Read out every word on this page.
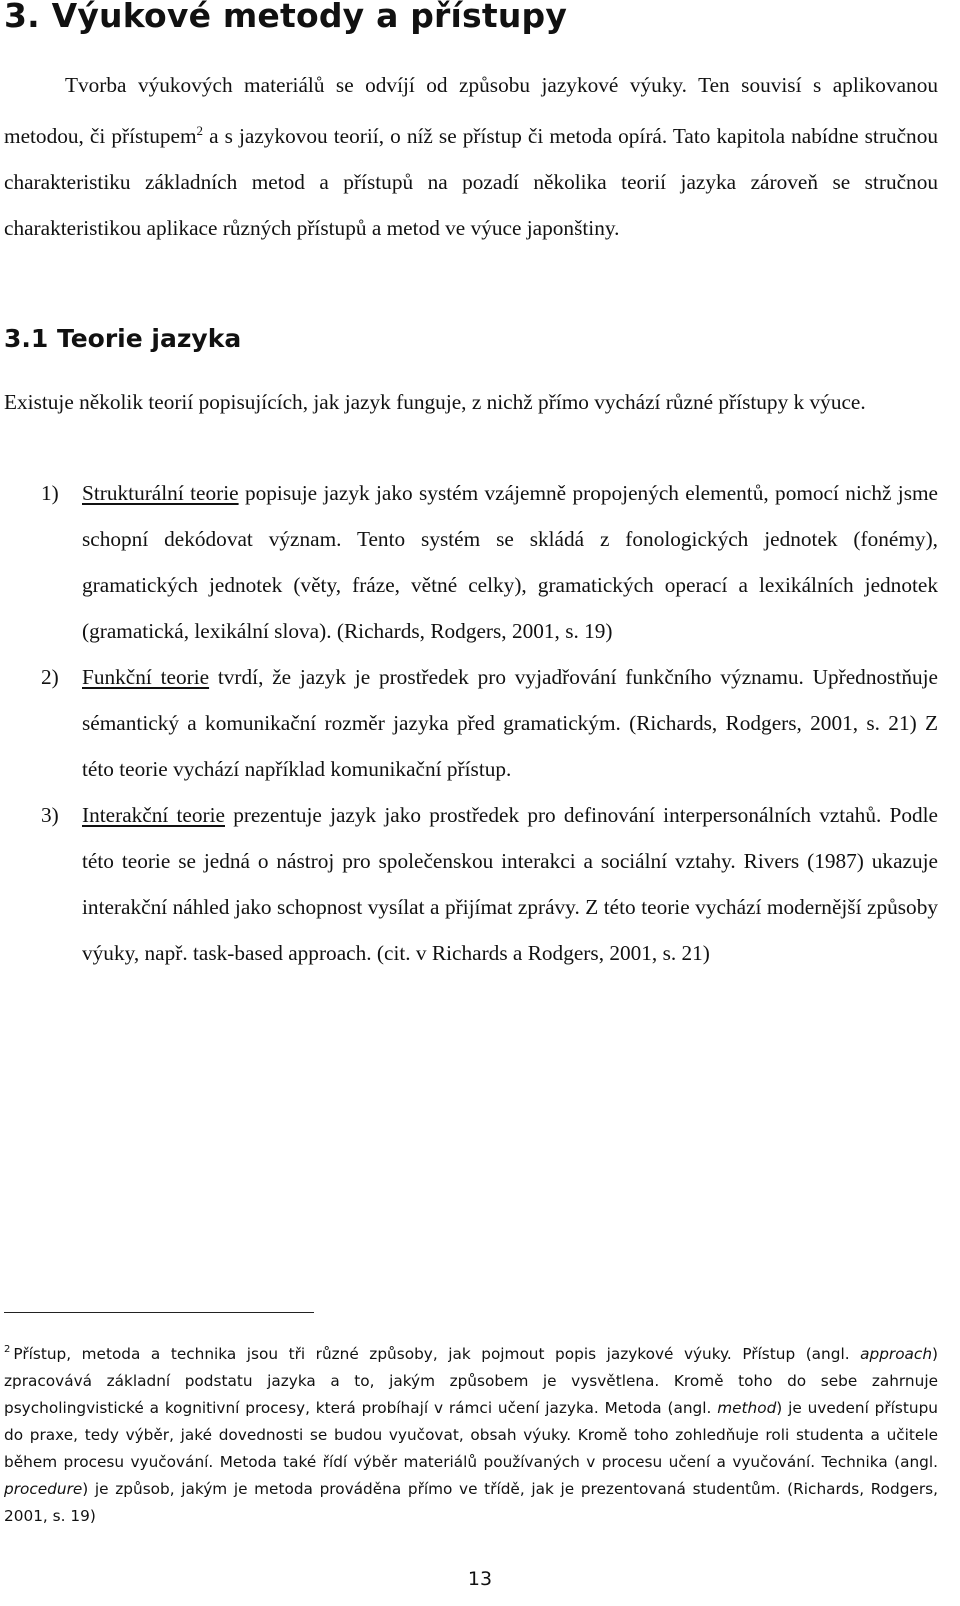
3. Výukové metody a přístupy

Tvorba výukových materiálů se odvíjí od způsobu jazykové výuky. Ten souvisí s aplikovanou metodou, či přístupem$^2$ a s jazykovou teorií, o níž se přístup či metoda opírá. Tato kapitola nabídne stručnou charakteristiku základních metod a přístupů na pozadí několika teorií jazyka zároveň se stručnou charakteristikou aplikace různých přístupů a metod ve výuce japonštiny.

3.1 Teorie jazyka

Existuje několik teorií popisujících, jak jazyk funguje, z nichž přímo vychází různé přístupy k výuce.

1) Strukturální teorie popisuje jazyk jako systém vzájemně propojených elementů, pomocí nichž jsme schopní dekódovat význam. Tento systém se skládá z fonologických jednotek (fonémy), gramatických jednotek (věty, fráze, větné celky), gramatických operací a lexikálních jednotek (gramatická, lexikální slova). (Richards, Rodgers, 2001, s. 19)
2) Funkční teorie tvrdí, že jazyk je prostředek pro vyjadřování funkčního významu. Upřednostňuje sémantický a komunikační rozměr jazyka před gramatickým. (Richards, Rodgers, 2001, s. 21) Z této teorie vychází například komunikační přístup.
3) Interakční teorie prezentuje jazyk jako prostředek pro definování interpersonálních vztahů. Podle této teorie se jedná o nástroj pro společenskou interakci a sociální vztahy. Rivers (1987) ukazuje interakční náhled jako schopnost vysílat a přijímat zprávy. Z této teorie vychází modernější způsoby výuky, např. task-based approach. (cit. v Richards a Rodgers, 2001, s. 21)

$^2$ Přístup, metoda a technika jsou tři různé způsoby, jak pojmout popis jazykové výuky. Přístup (angl. approach) zpracovává základní podstatu jazyka a to, jakým způsobem je vysvětlena. Kromě toho do sebe zahrnuje psycholingvistické a kognitivní procesy, která probíhají v rámci učení jazyka. Metoda (angl. method) je uvedení přístupu do praxe, tedy výběr, jaké dovednosti se budou vyučovat, obsah výuky. Kromě toho zohledňuje roli studenta a učitele během procesu vyučování. Metoda také řídí výběr materiálů používaných v procesu učení a vyučování. Technika (angl. procedure) je způsob, jakým je metoda prováděna přímo ve třídě, jak je prezentovaná studentům. (Richards, Rodgers, 2001, s. 19)

13
